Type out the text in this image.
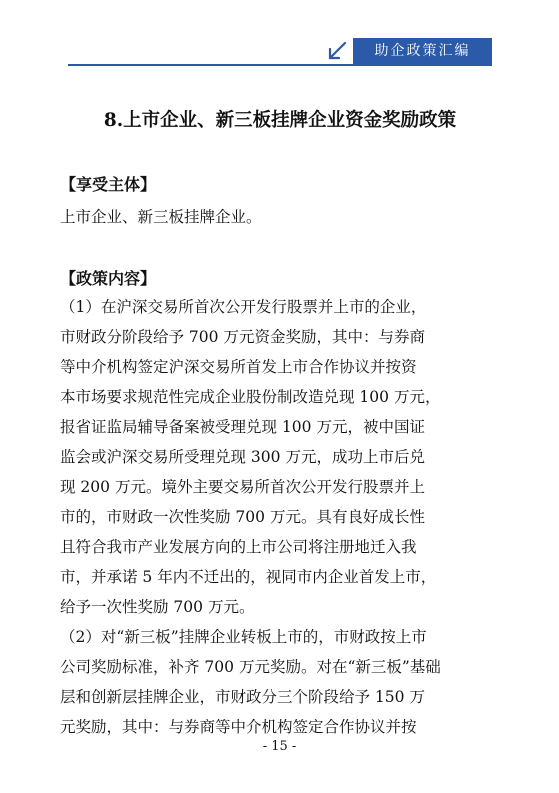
助企政策汇编
8.上市企业、新三板挂牌企业资金奖励政策
【享受主体】
上市企业、新三板挂牌企业。
【政策内容】
（1）在沪深交易所首次公开发行股票并上市的企业，
市财政分阶段给予 700 万元资金奖励，其中：与券商
等中介机构签定沪深交易所首发上市合作协议并按资
本市场要求规范性完成企业股份制改造兑现 100 万元，
报省证监局辅导备案被受理兑现 100 万元，被中国证
监会或沪深交易所受理兑现 300 万元，成功上市后兑
现 200 万元。境外主要交易所首次公开发行股票并上
市的，市财政一次性奖励 700 万元。具有良好成长性
且符合我市产业发展方向的上市公司将注册地迁入我
市，并承诺 5 年内不迁出的，视同市内企业首发上市，
给予一次性奖励 700 万元。
（2）对“新三板”挂牌企业转板上市的，市财政按上市
公司奖励标准，补齐 700 万元奖励。对在“新三板”基础
层和创新层挂牌企业，市财政分三个阶段给予 150 万
元奖励，其中：与券商等中介机构签定合作协议并按
- 15 -
